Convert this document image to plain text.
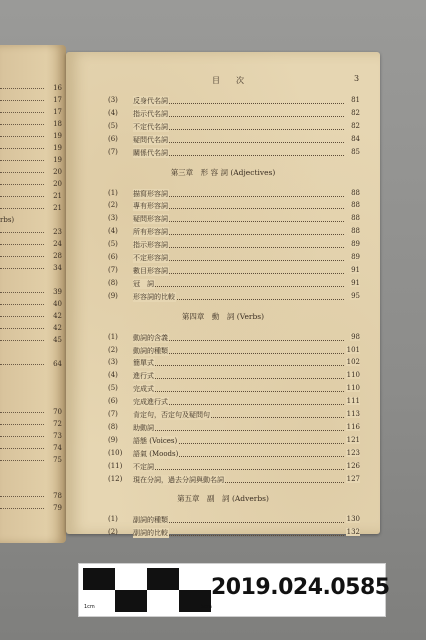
16
17
17
18
19
19
19
20
20
21
21
rbs)
23
24
28
34
39
40
42
42
45
64
70
72
73
74
75
78
79
目　　次	3
(3) 反身代名詞	81
(4) 指示代名詞	82
(5) 不定代名詞	82
(6) 疑問代名詞	84
(7) 關係代名詞	85
第三章　形 容 詞 (Adjectives)
(1) 描寫形容詞	88
(2) 專有形容詞	88
(3) 疑問形容詞	88
(4) 所有形容詞	88
(5) 指示形容詞	89
(6) 不定形容詞	89
(7) 數目形容詞	91
(8) 冠　詞	91
(9) 形容詞的比較	95
第四章　動　詞 (Verbs)
(1) 動詞的含義	98
(2) 動詞的種類	101
(3) 簡單式	102
(4) 進行式	110
(5) 完成式	110
(6) 完成進行式	111
(7) 肯定句，否定句及疑問句	113
(8) 助動詞	116
(9) 語態 (Voices)	121
(10) 語氣 (Moods)	123
(11) 不定詞	126
(12) 現在分詞，過去分詞與動名詞	127
第五章　副　詞 (Adverbs)
(1) 副詞的種類	130
(2) 副詞的比較	132
1cm	5cm
2019.024.0585
